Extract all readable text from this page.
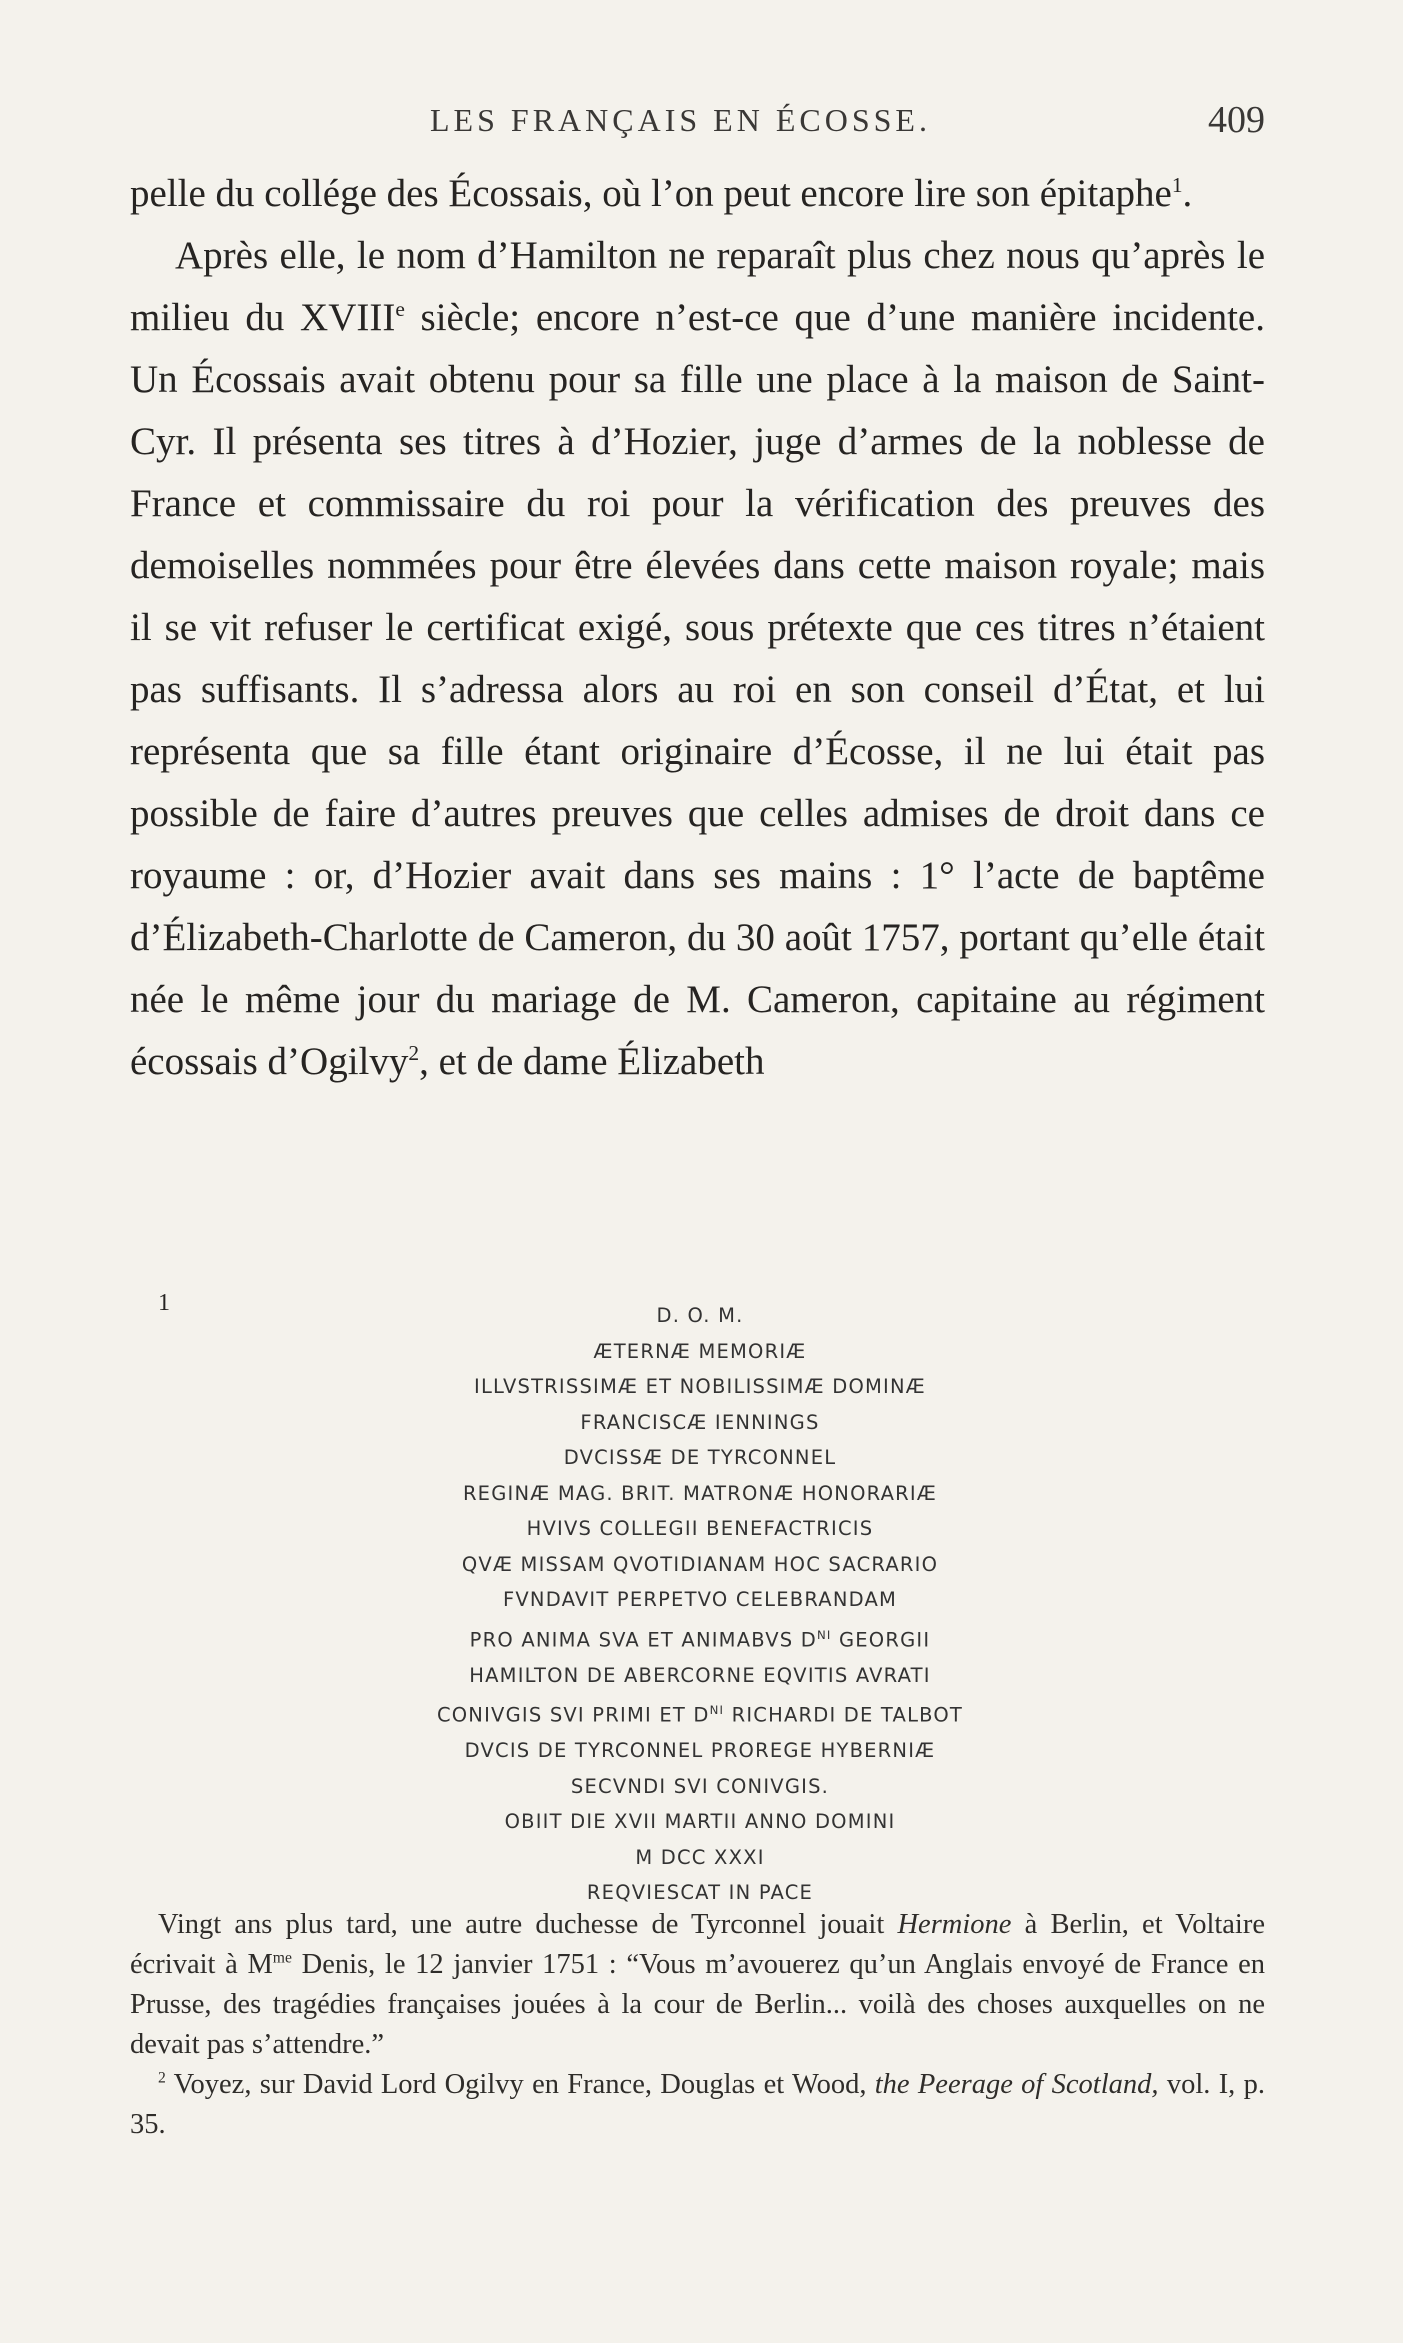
LES FRANÇAIS EN ÉCOSSE.	409

pelle du collége des Écossais, où l’on peut encore lire son épitaphe$^1$.

Après elle, le nom d’Hamilton ne reparaît plus chez nous qu’après le milieu du XVIIIe siècle; encore n’est-ce que d’une manière incidente. Un Écossais avait obtenu pour sa fille une place à la maison de Saint-Cyr. Il présenta ses titres à d’Hozier, juge d’armes de la noblesse de France et commissaire du roi pour la vérification des preuves des demoiselles nommées pour être élevées dans cette maison royale; mais il se vit refuser le certificat exigé, sous prétexte que ces titres n’étaient pas suffisants. Il s’adressa alors au roi en son conseil d’État, et lui représenta que sa fille étant originaire d’Écosse, il ne lui était pas possible de faire d’autres preuves que celles admises de droit dans ce royaume : or, d’Hozier avait dans ses mains : 1° l’acte de baptême d’Élizabeth-Charlotte de Cameron, du 30 août 1757, portant qu’elle était née le même jour du mariage de M. Cameron, capitaine au régiment écossais d’Ogilvy$^2$, et de dame Élizabeth

1	D. O. M.
ÆTERNÆ MEMORIÆ
ILLVSTRISSIMÆ ET NOBILISSIMÆ DOMINÆ
FRANCISCÆ IENNINGS
DVCISSÆ DE TYRCONNEL
REGINÆ MAG. BRIT. MATRONÆ HONORARIÆ
HVIVS COLLEGII BENEFACTRICIS
QVÆ MISSAM QVOTIDIANAM HOC SACRARIO
FVNDAVIT PERPETVO CELEBRANDAM
PRO ANIMA SVA ET ANIMABVS $D^{NI}$ GEORGII
HAMILTON DE ABERCORNE EQVITIS AVRATI
CONIVGIS SVI PRIMI ET $D^{NI}$ RICHARDI DE TALBOT
DVCIS DE TYRCONNEL PROREGE HYBERNIÆ
SECVNDI SVI CONIVGIS.
OBIIT DIE XVII MARTII ANNO DOMINI
M DCC XXXI
REQVIESCAT IN PACE

Vingt ans plus tard, une autre duchesse de Tyrconnel jouait Hermione à Berlin, et Voltaire écrivait à $M^{me}$ Denis, le 12 janvier 1751 : “Vous m’avouerez qu’un Anglais envoyé de France en Prusse, des tragédies françaises jouées à la cour de Berlin... voilà des choses auxquelles on ne devait pas s’attendre.”

$^2$ Voyez, sur David Lord Ogilvy en France, Douglas et Wood, the Peerage of Scotland, vol. I, p. 35.
